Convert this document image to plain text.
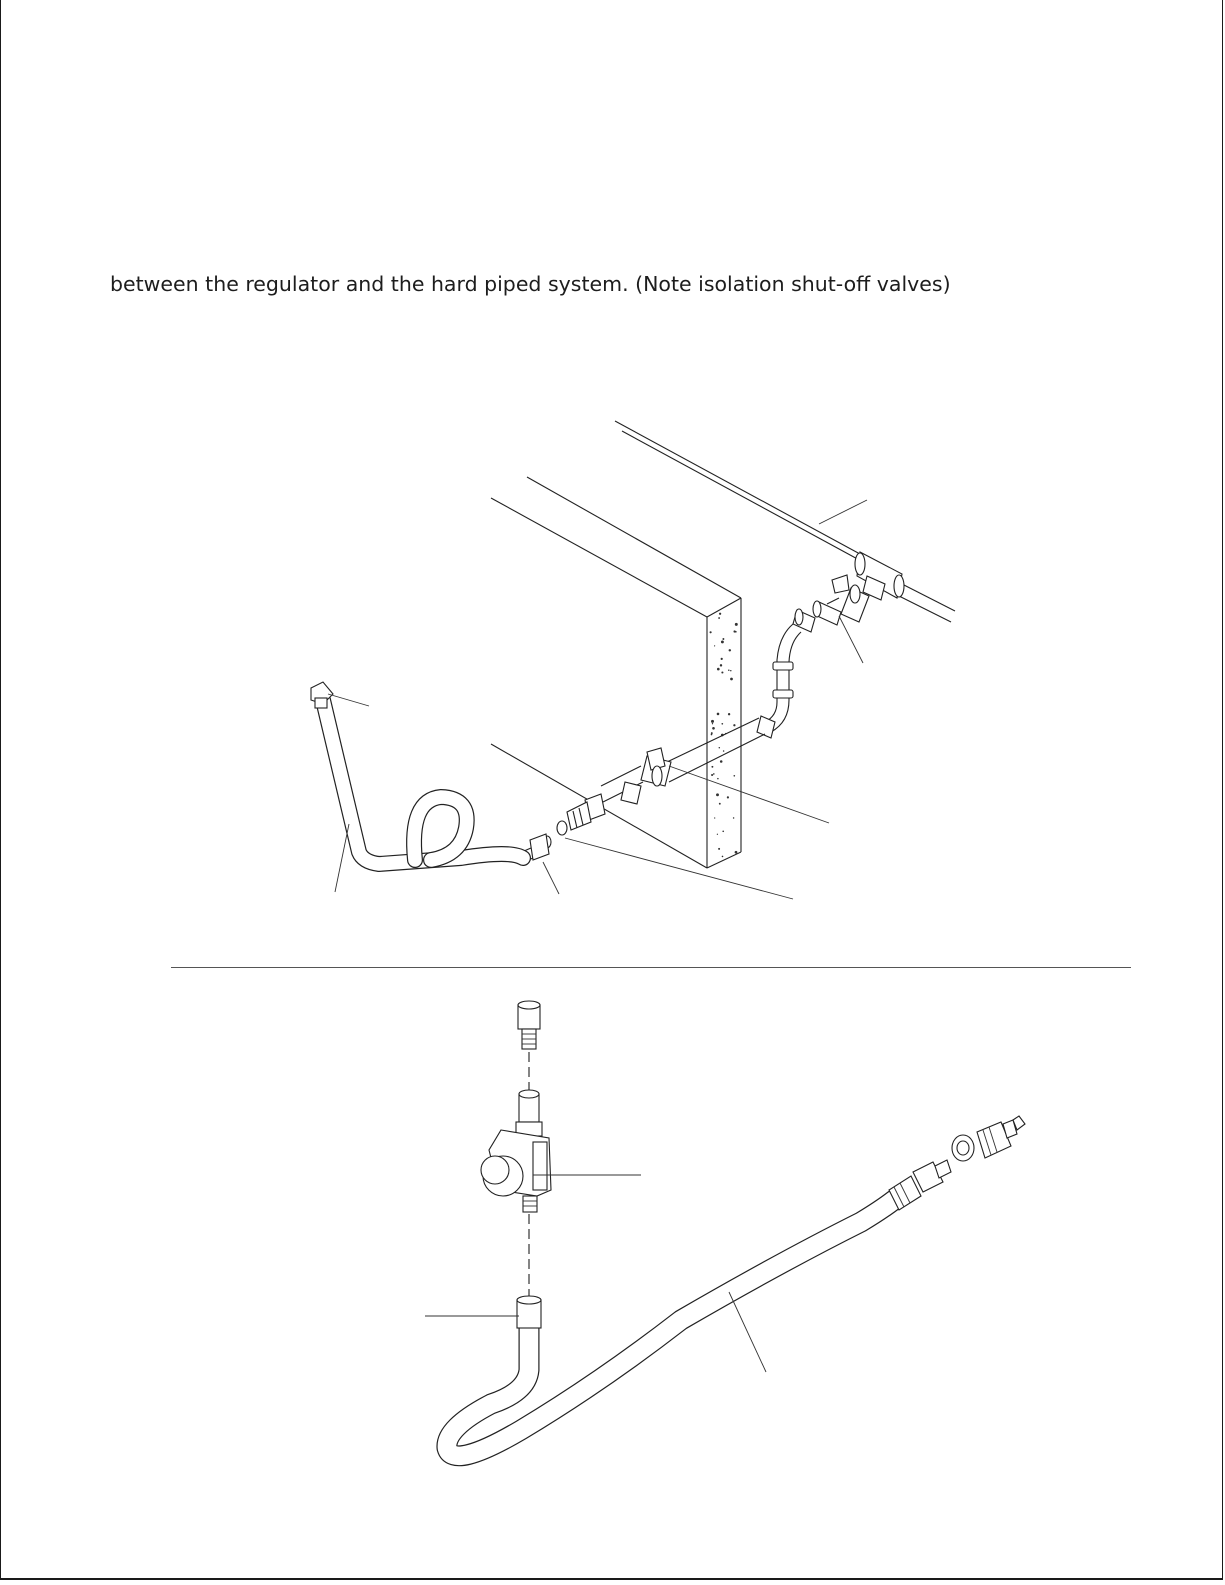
between the regulator and the hard piped system. (Note isolation shut-off valves)
